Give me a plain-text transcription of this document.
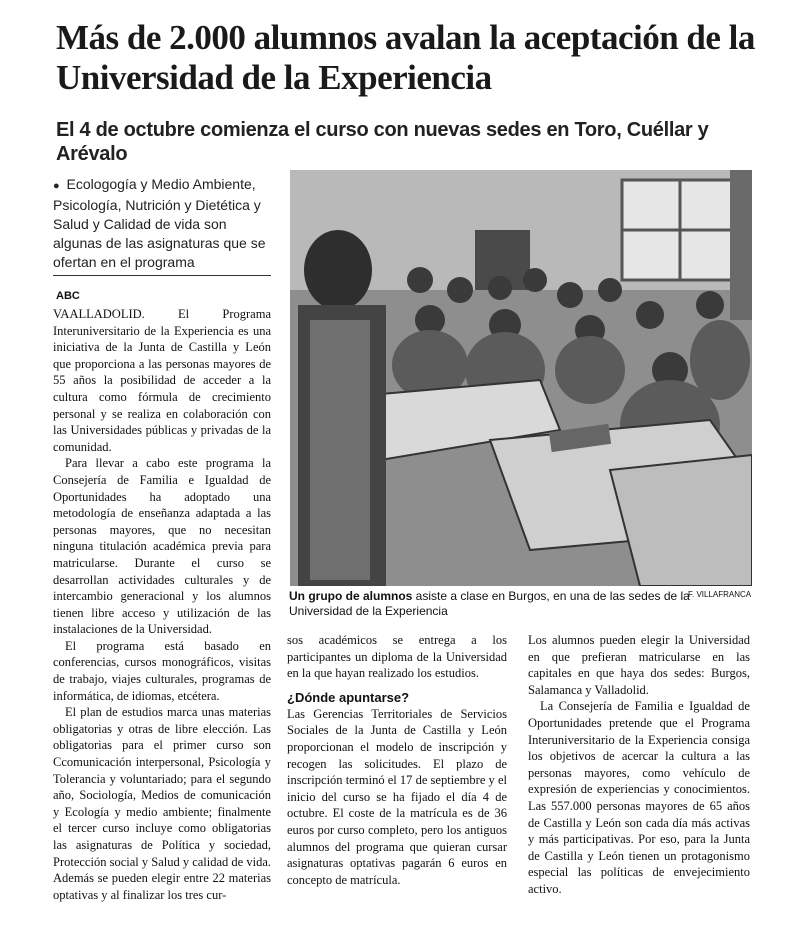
Más de 2.000 alumnos avalan la aceptación de la Universidad de la Experiencia
El 4 de octubre comienza el curso con nuevas sedes en Toro, Cuéllar y Arévalo
● Ecologogía y Medio Ambiente, Psicología, Nutrición y Dietética y Salud y Calidad de vida son algunas de las asignaturas que se ofertan en el programa
ABC

VAALLADOLID. El Programa Interuniversitario de la Experiencia es una iniciativa de la Junta de Castilla y León que proporciona a las personas mayores de 55 años la posibilidad de acceder a la cultura como fórmula de crecimiento personal y se realiza en colaboración con las Universidades públicas y privadas de la comunidad.

Para llevar a cabo este programa la Consejería de Familia e Igualdad de Oportunidades ha adoptado una metodología de enseñanza adaptada a las personas mayores, que no necesitan ninguna titulación académica previa para matricularse. Durante el curso se desarrollan actividades culturales y de intercambio generacional y los alumnos tienen libre acceso y utilización de las instalaciones de la Universidad.

El programa está basado en conferencias, cursos monográficos, visitas de trabajo, viajes culturales, programas de informática, de idiomas, etcétera.

El plan de estudios marca unas materias obligatorias y otras de libre elección. Las obligatorias para el primer curso son Ccomunicación interpersonal, Psicología y Tolerancia y voluntariado; para el segundo año, Sociología, Medios de comunicación y Ecología y medio ambiente; finalmente el tercer curso incluye como obligatorias las asignaturas de Política y sociedad, Protección social y Salud y calidad de vida. Además se pueden elegir entre 22 materias optativas y al finalizar los tres cur-

Un grupo de alumnos asiste a clase en Burgos, en una de las sedes de la Universidad de la Experiencia
F. VILLAFRANCA

sos académicos se entrega a los participantes un diploma de la Universidad en la que hayan realizado los estudios.

¿Dónde apuntarse?

Las Gerencias Territoriales de Servicios Sociales de la Junta de Castilla y León proporcionan el modelo de inscripción y recogen las solicitudes. El plazo de inscripción terminó el 17 de septiembre y el inicio del curso se ha fijado el día 4 de octubre. El coste de la matrícula es de 36 euros por curso completo, pero los antiguos alumnos del programa que quieran cursar asignaturas optativas pagarán 6 euros en concepto de matrícula.

Los alumnos pueden elegir la Universidad en que prefieran matricularse en las capitales en que haya dos sedes: Burgos, Salamanca y Valladolid.

La Consejería de Familia e Igualdad de Oportunidades pretende que el Programa Interuniversitario de la Experiencia consiga los objetivos de acercar la cultura a las personas mayores, como vehículo de expresión de experiencias y conocimientos. Las 557.000 personas mayores de 65 años de Castilla y León son cada día más activas y más participativas. Por eso, para la Junta de Castilla y León tienen un protagonismo especial las políticas de envejecimiento activo.
